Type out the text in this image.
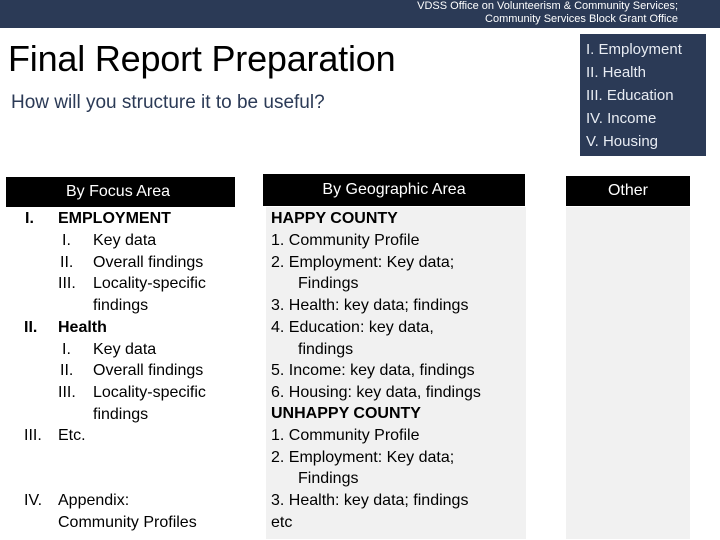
VDSS Office on Volunteerism & Community Services;
Community Services Block Grant Office
Final Report Preparation
How will you structure it to be useful?
I. Employment
II. Health
III. Education
IV. Income
V. Housing
By Focus Area	By Geographic Area	Other
I. EMPLOYMENT
I. Key data
II. Overall findings
III. Locality-specific
findings
II. Health
I. Key data
II. Overall findings
III. Locality-specific
findings
III. Etc.
IV. Appendix:
Community Profiles
HAPPY COUNTY
1. Community Profile
2. Employment: Key data;
Findings
3. Health: key data; findings
4. Education: key data,
findings
5. Income: key data, findings
6. Housing: key data, findings
UNHAPPY COUNTY
1. Community Profile
2. Employment: Key data;
Findings
3. Health: key data; findings
etc
